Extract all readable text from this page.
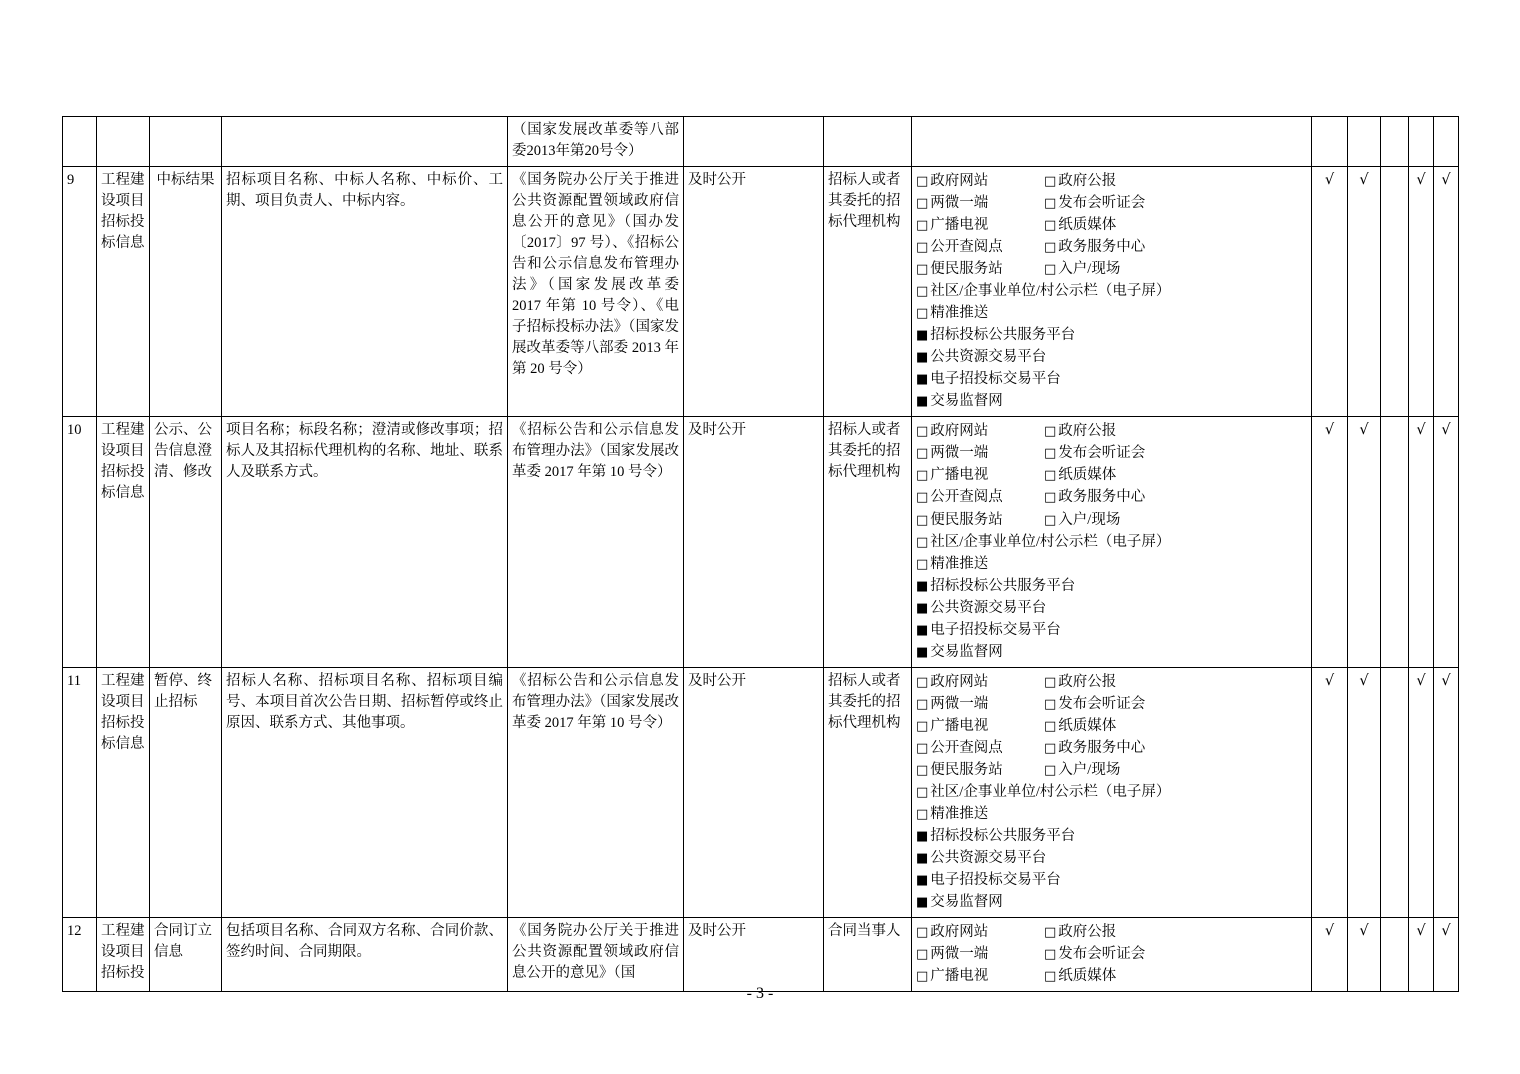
				（国家发展改革委等八部委2013年第20号令）								
9	工程建设项目招标投标信息	中标结果	招标项目名称、中标人名称、中标价、工期、项目负责人、中标内容。	《国务院办公厅关于推进公共资源配置领域政府信息公开的意见》（国办发〔2017〕97 号）、《招标公告和公示信息发布管理办法》（国家发展改革委 2017 年第 10 号令）、《电子招标投标办法》（国家发展改革委等八部委 2013 年第 20 号令）	及时公开	招标人或者其委托的招标代理机构	
□ 政府网站	□ 政府公报
□ 两微一端	□ 发布会听证会
□ 广播电视	□ 纸质媒体
□ 公开查阅点	□ 政务服务中心
□ 便民服务站	□ 入户/现场
□ 社区/企事业单位/村公示栏（电子屏）
□ 精准推送
■ 招标投标公共服务平台
■ 公共资源交易平台
■ 电子招投标交易平台
■ 交易监督网
	√	√		√	√
10	工程建设项目招标投标信息	公示、公告信息澄清、修改	项目名称；标段名称；澄清或修改事项；招标人及其招标代理机构的名称、地址、联系人及联系方式。	《招标公告和公示信息发布管理办法》（国家发展改革委 2017 年第 10 号令）	及时公开	招标人或者其委托的招标代理机构	
□ 政府网站	□ 政府公报
□ 两微一端	□ 发布会听证会
□ 广播电视	□ 纸质媒体
□ 公开查阅点	□ 政务服务中心
□ 便民服务站	□ 入户/现场
□ 社区/企事业单位/村公示栏（电子屏）
□ 精准推送
■ 招标投标公共服务平台
■ 公共资源交易平台
■ 电子招投标交易平台
■ 交易监督网
	√	√		√	√
11	工程建设项目招标投标信息	暂停、终止招标	招标人名称、招标项目名称、招标项目编号、本项目首次公告日期、招标暂停或终止原因、联系方式、其他事项。	《招标公告和公示信息发布管理办法》（国家发展改革委 2017 年第 10 号令）	及时公开	招标人或者其委托的招标代理机构	
□ 政府网站	□ 政府公报
□ 两微一端	□ 发布会听证会
□ 广播电视	□ 纸质媒体
□ 公开查阅点	□ 政务服务中心
□ 便民服务站	□ 入户/现场
□ 社区/企事业单位/村公示栏（电子屏）
□ 精准推送
■ 招标投标公共服务平台
■ 公共资源交易平台
■ 电子招投标交易平台
■ 交易监督网
	√	√		√	√
12	工程建设项目招标投	合同订立信息	包括项目名称、合同双方名称、合同价款、签约时间、合同期限。	《国务院办公厅关于推进公共资源配置领域政府信息公开的意见》（国	及时公开	合同当事人	
□政府网站	□ 政府公报
□ 两微一端	□ 发布会听证会
□ 广播电视	□ 纸质媒体
	√	√		√	√
- 3 -
